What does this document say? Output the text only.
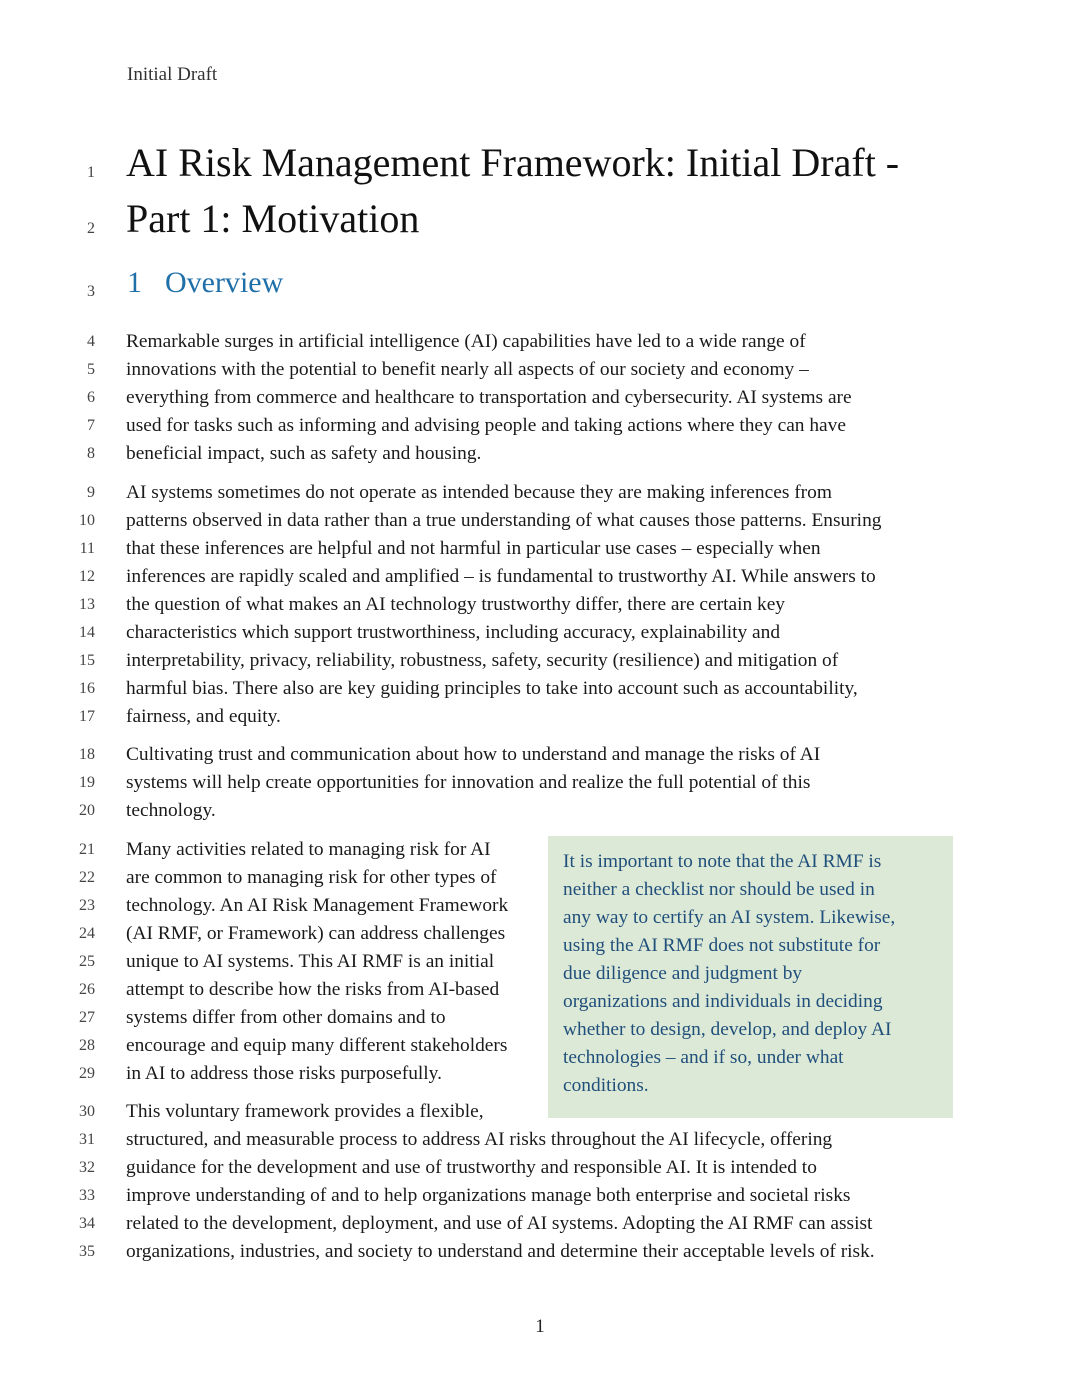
Initial Draft
AI Risk Management Framework: Initial Draft -
Part 1: Motivation
1 Overview
1
2
3
4
5
6
7
8
9
10
11
12
13
14
15
16
17
18
19
20
21
22
23
24
25
26
27
28
29
30
31
32
33
34
35
Remarkable surges in artificial intelligence (AI) capabilities have led to a wide range of
innovations with the potential to benefit nearly all aspects of our society and economy –
everything from commerce and healthcare to transportation and cybersecurity. AI systems are
used for tasks such as informing and advising people and taking actions where they can have
beneficial impact, such as safety and housing.
AI systems sometimes do not operate as intended because they are making inferences from
patterns observed in data rather than a true understanding of what causes those patterns. Ensuring
that these inferences are helpful and not harmful in particular use cases – especially when
inferences are rapidly scaled and amplified – is fundamental to trustworthy AI. While answers to
the question of what makes an AI technology trustworthy differ, there are certain key
characteristics which support trustworthiness, including accuracy, explainability and
interpretability, privacy, reliability, robustness, safety, security (resilience) and mitigation of
harmful bias. There also are key guiding principles to take into account such as accountability,
fairness, and equity.
Cultivating trust and communication about how to understand and manage the risks of AI
systems will help create opportunities for innovation and realize the full potential of this
technology.
It is important to note that the AI RMF is
neither a checklist nor should be used in
any way to certify an AI system. Likewise,
using the AI RMF does not substitute for
due diligence and judgment by
organizations and individuals in deciding
whether to design, develop, and deploy AI
technologies – and if so, under what
conditions.
Many activities related to managing risk for AI
are common to managing risk for other types of
technology. An AI Risk Management Framework
(AI RMF, or Framework) can address challenges
unique to AI systems. This AI RMF is an initial
attempt to describe how the risks from AI-based
systems differ from other domains and to
encourage and equip many different stakeholders
in AI to address those risks purposefully.
This voluntary framework provides a flexible,
structured, and measurable process to address AI risks throughout the AI lifecycle, offering
guidance for the development and use of trustworthy and responsible AI. It is intended to
improve understanding of and to help organizations manage both enterprise and societal risks
related to the development, deployment, and use of AI systems. Adopting the AI RMF can assist
organizations, industries, and society to understand and determine their acceptable levels of risk.
1
